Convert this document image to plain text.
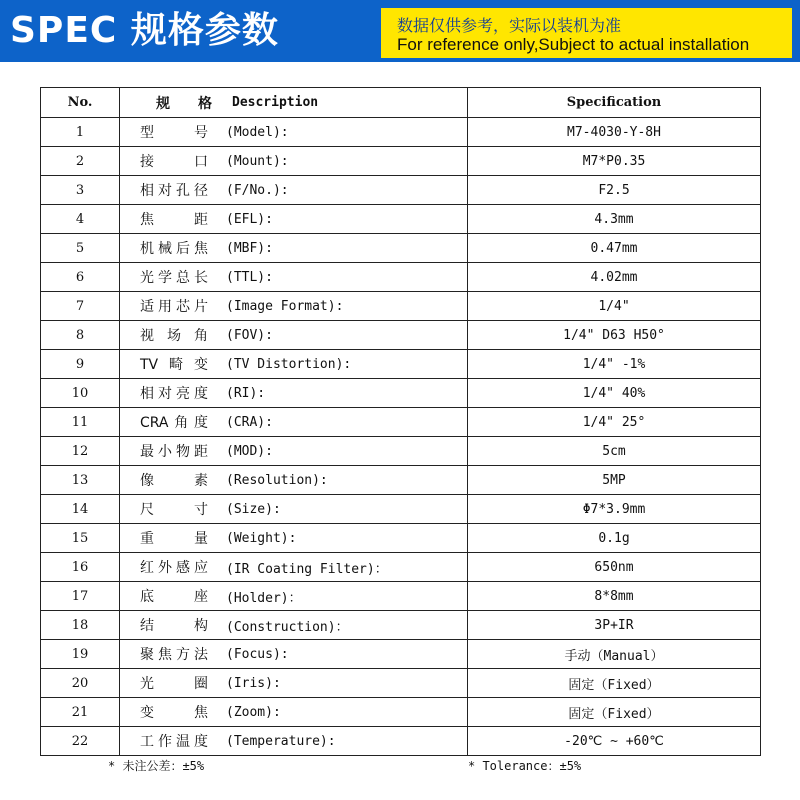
SPEC 规格参数	数据仅供参考，实际以装机为准
For reference only,Subject to actual installation
No.	规　　格 Description	Specification
1	型号 (Model):	M7-4030-Y-8H
2	接口 (Mount):	M7*P0.35
3	相对孔径 (F/No.):	F2.5
4	焦距 (EFL):	4.3mm
5	机械后焦 (MBF):	0.47mm
6	光学总长 (TTL):	4.02mm
7	适用芯片 (Image Format):	1/4"
8	视场角 (FOV):	1/4" D63 H50°
9	TV畸变 (TV Distortion):	1/4" -1%
10	相对亮度 (RI):	1/4" 40%
11	CRA角度 (CRA):	1/4" 25°
12	最小物距 (MOD):	5cm
13	像素 (Resolution):	5MP
14	尺寸 (Size):	Φ7*3.9mm
15	重量 (Weight):	0.1g
16	红外感应 (IR Coating Filter)：	650nm
17	底座 (Holder)：	8*8mm
18	结构 (Construction)：	3P+IR
19	聚焦方法 (Focus):	手动（Manual）
20	光圈 (Iris):	固定（Fixed）
21	变焦 (Zoom):	固定（Fixed）
22	工作温度 (Temperature):	-20℃ ~ +60℃
* 未注公差：±5%	* Tolerance：±5%
